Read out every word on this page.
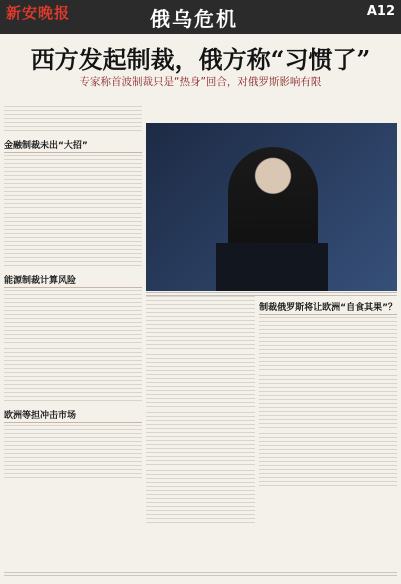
新安晚报	俄乌危机	A12
西方发起制裁，俄方称“习惯了”
专家称首波制裁只是“热身”回合，对俄罗斯影响有限
金融制裁未出“大招”
能源制裁计算风险
欧洲等担冲击市场
制裁俄罗斯将让欧洲“自食其果”？
